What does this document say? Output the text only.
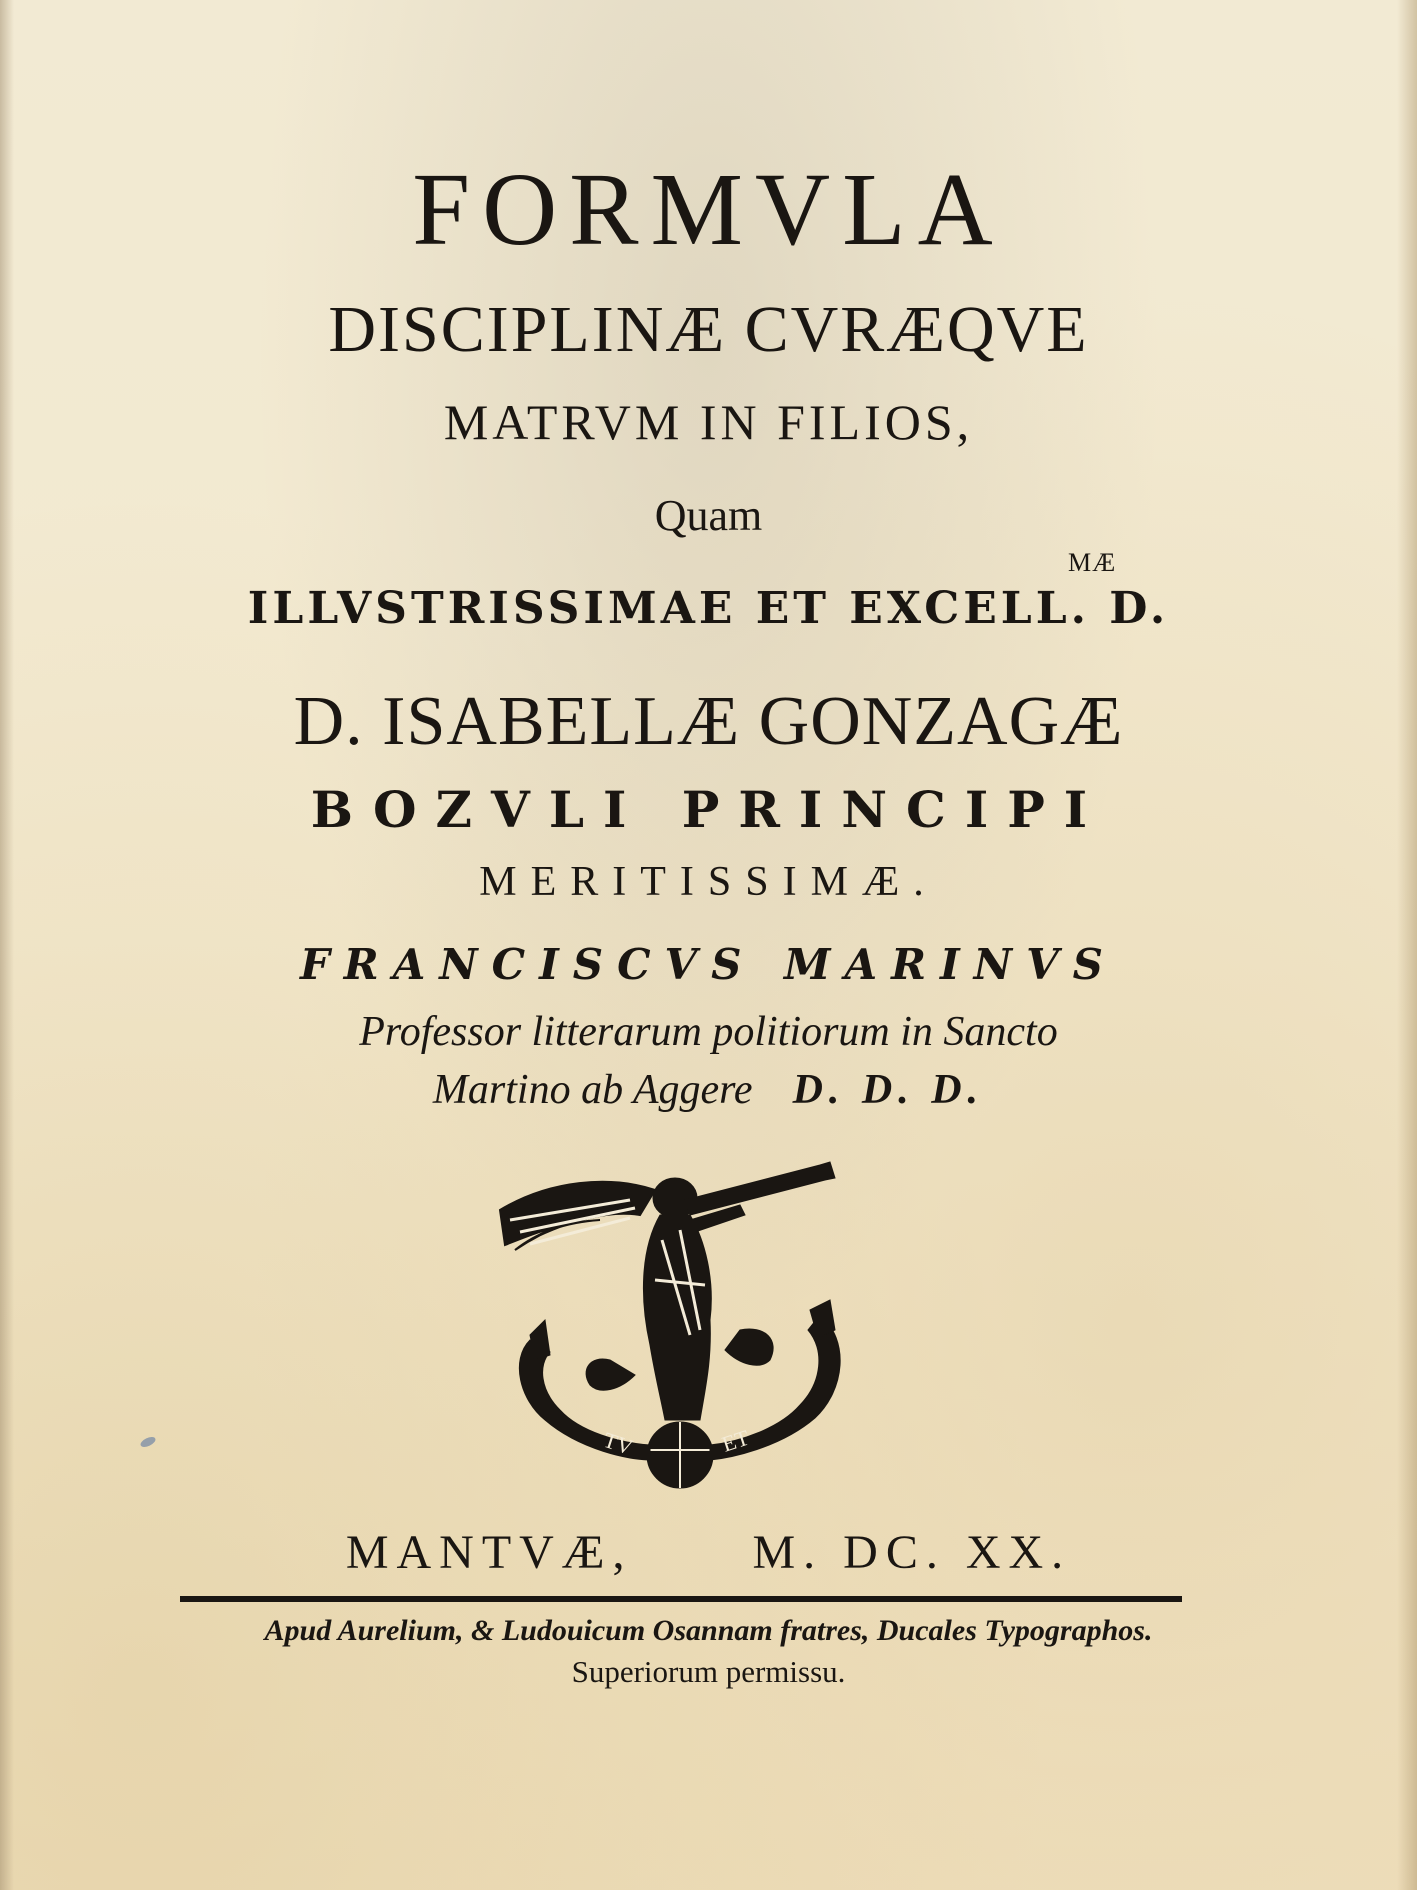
FORMVLA
DISCIPLINÆ CVRÆQVE
MATRVM IN FILIOS,
Quam
MÆ
ILLVSTRISSIMAE ET EXCELL. D.
D. ISABELLÆ GONZAGÆ
BOZVLI PRINCIPI
MERITISSIMÆ.
FRANCISCVS MARINVS
Professor litterarum politiorum in Sancto
Martino ab Aggere D. D. D.
TV	ET
MANTVÆ,	M. DC. XX.
Apud Aurelium, & Ludouicum Osannam fratres, Ducales Typographos.
Superiorum permissu.
